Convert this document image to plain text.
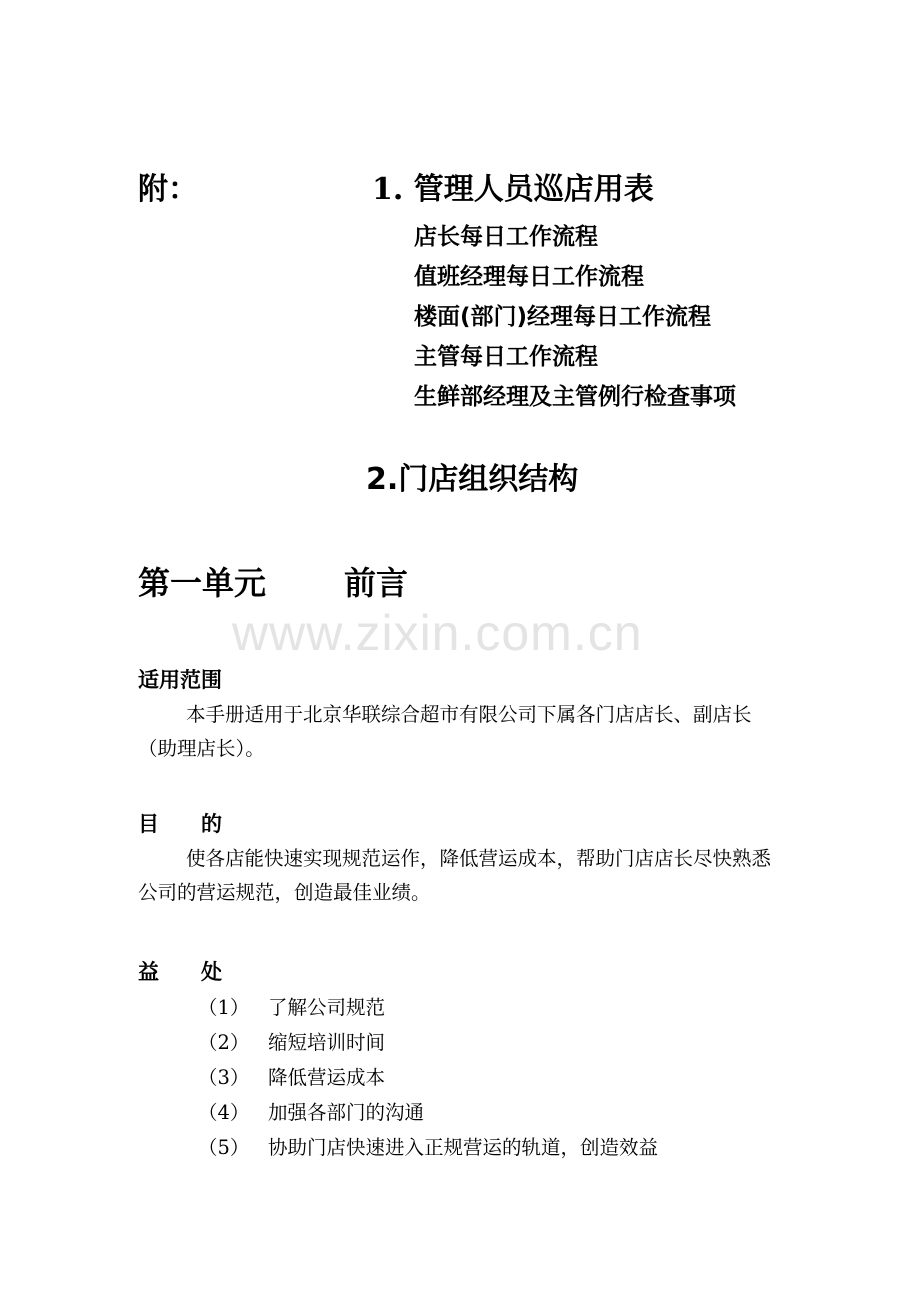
附：	1. 管理人员巡店用表
店长每日工作流程
值班经理每日工作流程
楼面(部门)经理每日工作流程
主管每日工作流程
生鲜部经理及主管例行检查事项
2.门店组织结构
第一单元 前言
www.zixin.com.cn
适用范围
本手册适用于北京华联综合超市有限公司下属各门店店长、副店长（助理店长）。
目　　的
使各店能快速实现规范运作，降低营运成本，帮助门店店长尽快熟悉公司的营运规范，创造最佳业绩。
益　　处
（1） 了解公司规范
（2） 缩短培训时间
（3） 降低营运成本
（4） 加强各部门的沟通
（5） 协助门店快速进入正规营运的轨道，创造效益
